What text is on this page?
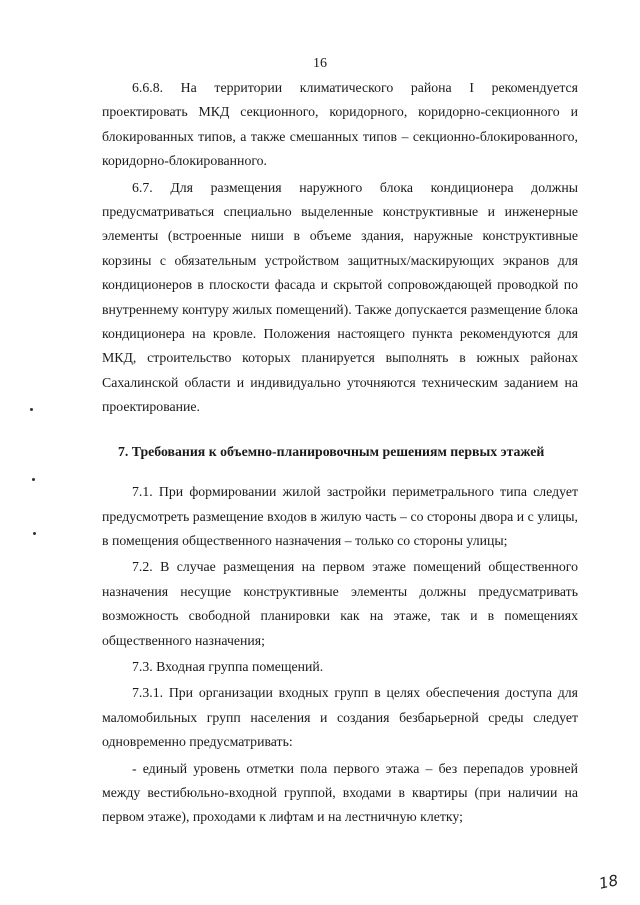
16

6.6.8. На территории климатического района I рекомендуется проектировать МКД секционного, коридорного, коридорно-секционного и блокированных типов, а также смешанных типов – секционно-блокированного, коридорно-блокированного.

6.7. Для размещения наружного блока кондиционера должны предусматриваться специально выделенные конструктивные и инженерные элементы (встроенные ниши в объеме здания, наружные конструктивные корзины с обязательным устройством защитных/маскирующих экранов для кондиционеров в плоскости фасада и скрытой сопровождающей проводкой по внутреннему контуру жилых помещений). Также допускается размещение блока кондиционера на кровле. Положения настоящего пункта рекомендуются для МКД, строительство которых планируется выполнять в южных районах Сахалинской области и индивидуально уточняются техническим заданием на проектирование.

7. Требования к объемно-планировочным решениям первых этажей

7.1. При формировании жилой застройки периметрального типа следует предусмотреть размещение входов в жилую часть – со стороны двора и с улицы, в помещения общественного назначения – только со стороны улицы;

7.2. В случае размещения на первом этаже помещений общественного назначения несущие конструктивные элементы должны предусматривать возможность свободной планировки как на этаже, так и в помещениях общественного назначения;

7.3. Входная группа помещений.

7.3.1. При организации входных групп в целях обеспечения доступа для маломобильных групп населения и создания безбарьерной среды следует одновременно предусматривать:

- единый уровень отметки пола первого этажа – без перепадов уровней между вестибюльно-входной группой, входами в квартиры (при наличии на первом этаже), проходами к лифтам и на лестничную клетку;

18
